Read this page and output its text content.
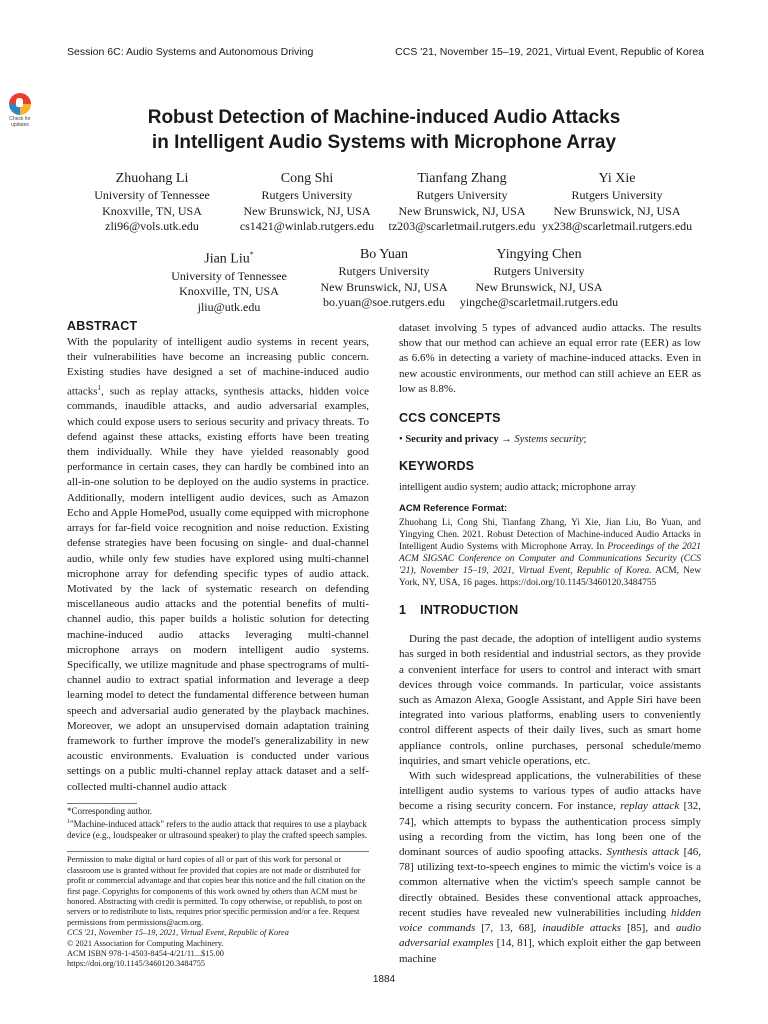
Session 6C: Audio Systems and Autonomous Driving	CCS '21, November 15–19, 2021, Virtual Event, Republic of Korea
Check for updates	Robust Detection of Machine-induced Audio Attacks
in Intelligent Audio Systems with Microphone Array
Zhuohang Li
University of Tennessee
Knoxville, TN, USA
zli96@vols.utk.edu
Cong Shi
Rutgers University
New Brunswick, NJ, USA
cs1421@winlab.rutgers.edu
Tianfang Zhang
Rutgers University
New Brunswick, NJ, USA
tz203@scarletmail.rutgers.edu
Yi Xie
Rutgers University
New Brunswick, NJ, USA
yx238@scarletmail.rutgers.edu
Jian Liu*
University of Tennessee
Knoxville, TN, USA
jliu@utk.edu
Bo Yuan
Rutgers University
New Brunswick, NJ, USA
bo.yuan@soe.rutgers.edu
Yingying Chen
Rutgers University
New Brunswick, NJ, USA
yingche@scarletmail.rutgers.edu
ABSTRACT
With the popularity of intelligent audio systems in recent years, their vulnerabilities have become an increasing public concern. Existing studies have designed a set of machine-induced audio attacks$^1$, such as replay attacks, synthesis attacks, hidden voice commands, inaudible attacks, and audio adversarial examples, which could expose users to serious security and privacy threats. To defend against these attacks, existing efforts have been treating them individually. While they have yielded reasonably good performance in certain cases, they can hardly be combined into an all-in-one solution to be deployed on the audio systems in practice. Additionally, modern intelligent audio devices, such as Amazon Echo and Apple HomePod, usually come equipped with microphone arrays for far-field voice recognition and noise reduction. Existing defense strategies have been focusing on single- and dual-channel audio, while only few studies have explored using multi-channel microphone array for defending specific types of audio attack. Motivated by the lack of systematic research on defending miscellaneous audio attacks and the potential benefits of multi-channel audio, this paper builds a holistic solution for detecting machine-induced audio attacks leveraging multi-channel microphone arrays on modern intelligent audio systems. Specifically, we utilize magnitude and phase spectrograms of multi-channel audio to extract spatial information and leverage a deep learning model to detect the fundamental difference between human speech and adversarial audio generated by the playback machines. Moreover, we adopt an unsupervised domain adaptation training framework to further improve the model's generalizability in new acoustic environments. Evaluation is conducted under various settings on a public multi-channel replay attack dataset and a self-collected multi-channel audio attack
*Corresponding author.
$^1$"Machine-induced attack" refers to the audio attack that requires to use a playback device (e.g., loudspeaker or ultrasound speaker) to play the crafted speech samples.
Permission to make digital or hard copies of all or part of this work for personal or classroom use is granted without fee provided that copies are not made or distributed for profit or commercial advantage and that copies bear this notice and the full citation on the first page. Copyrights for components of this work owned by others than ACM must be honored. Abstracting with credit is permitted. To copy otherwise, or republish, to post on servers or to redistribute to lists, requires prior specific permission and/or a fee. Request permissions from permissions@acm.org.
CCS '21, November 15–19, 2021, Virtual Event, Republic of Korea
© 2021 Association for Computing Machinery.
ACM ISBN 978-1-4503-8454-4/21/11...$15.00
https://doi.org/10.1145/3460120.3484755
dataset involving 5 types of advanced audio attacks. The results show that our method can achieve an equal error rate (EER) as low as 6.6% in detecting a variety of machine-induced attacks. Even in new acoustic environments, our method can still achieve an EER as low as 8.8%.
CCS CONCEPTS
• Security and privacy → Systems security;
KEYWORDS
intelligent audio system; audio attack; microphone array
ACM Reference Format:
Zhuohang Li, Cong Shi, Tianfang Zhang, Yi Xie, Jian Liu, Bo Yuan, and Yingying Chen. 2021. Robust Detection of Machine-induced Audio Attacks in Intelligent Audio Systems with Microphone Array. In Proceedings of the 2021 ACM SIGSAC Conference on Computer and Communications Security (CCS '21), November 15–19, 2021, Virtual Event, Republic of Korea. ACM, New York, NY, USA, 16 pages. https://doi.org/10.1145/3460120.3484755
1 INTRODUCTION
During the past decade, the adoption of intelligent audio systems has surged in both residential and industrial sectors, as they provide a convenient interface for users to control and interact with smart devices through voice commands. In particular, voice assistants such as Amazon Alexa, Google Assistant, and Apple Siri have been integrated into various platforms, enabling users to conveniently control different aspects of their daily lives, such as smart home appliance controls, online purchases, personal schedule/memo inquiries, and smart vehicle operations, etc.
With such widespread applications, the vulnerabilities of these intelligent audio systems to various types of audio attacks have become a rising security concern. For instance, replay attack [32, 74], which attempts to bypass the authentication process simply using a recording from the victim, has long been one of the dominant sources of audio spoofing attacks. Synthesis attack [46, 78] utilizing text-to-speech engines to mimic the victim's voice is a common alternative when the victim's speech sample cannot be directly obtained. Besides these conventional attack approaches, recent studies have revealed new vulnerabilities including hidden voice commands [7, 13, 68], inaudible attacks [85], and audio adversarial examples [14, 81], which exploit either the gap between machine
1884
